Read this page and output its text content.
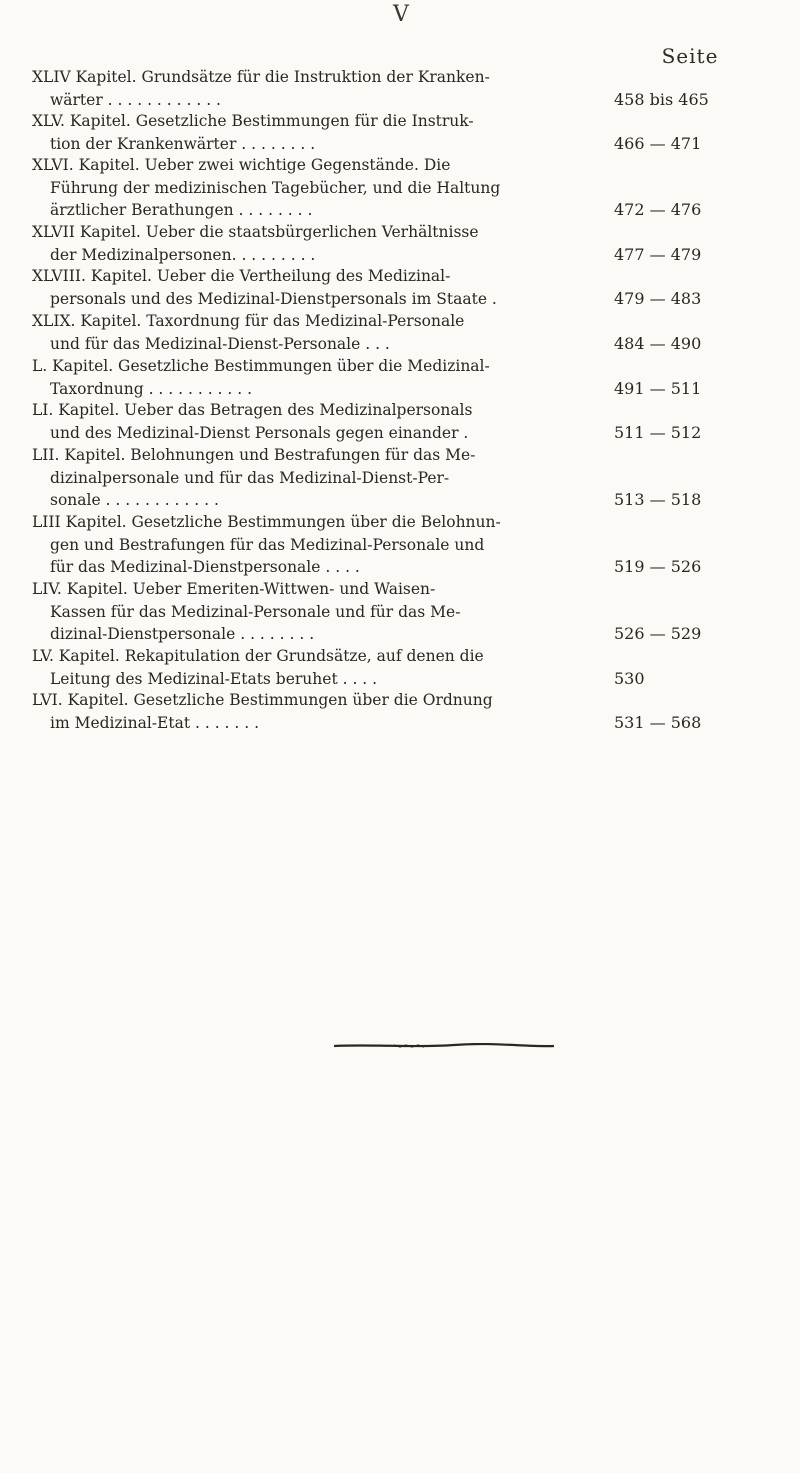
V
Seite
XLIV Kapitel. Grundsätze für die Instruktion der Kranken-
wärter . . . . . . . . . . . .	458 bis 465
XLV. Kapitel. Gesetzliche Bestimmungen für die Instruk-
tion der Krankenwärter . . . . . . . .	466 — 471
XLVI. Kapitel. Ueber zwei wichtige Gegenstände. Die
Führung der medizinischen Tagebücher, und die Haltung
ärztlicher Berathungen . . . . . . . .	472 — 476
XLVII Kapitel. Ueber die staatsbürgerlichen Verhältnisse
der Medizinalpersonen. . . . . . . . .	477 — 479
XLVIII. Kapitel. Ueber die Vertheilung des Medizinal-
personals und des Medizinal-Dienstpersonals im Staate .	479 — 483
XLIX. Kapitel. Taxordnung für das Medizinal-Personale
und für das Medizinal-Dienst-Personale . . .	484 — 490
L. Kapitel. Gesetzliche Bestimmungen über die Medizinal-
Taxordnung . . . . . . . . . . .	491 — 511
LI. Kapitel. Ueber das Betragen des Medizinalpersonals
und des Medizinal-Dienst Personals gegen einander .	511 — 512
LII. Kapitel. Belohnungen und Bestrafungen für das Me-
dizinalpersonale und für das Medizinal-Dienst-Per-
sonale . . . . . . . . . . . .	513 — 518
LIII Kapitel. Gesetzliche Bestimmungen über die Belohnun-
gen und Bestrafungen für das Medizinal-Personale und
für das Medizinal-Dienstpersonale . . . .	519 — 526
LIV. Kapitel. Ueber Emeriten-Wittwen- und Waisen-
Kassen für das Medizinal-Personale und für das Me-
dizinal-Dienstpersonale . . . . . . . .	526 — 529
LV. Kapitel. Rekapitulation der Grundsätze, auf denen die
Leitung des Medizinal-Etats beruhet . . . .	530
LVI. Kapitel. Gesetzliche Bestimmungen über die Ordnung
im Medizinal-Etat . . . . . . .	531 — 568
